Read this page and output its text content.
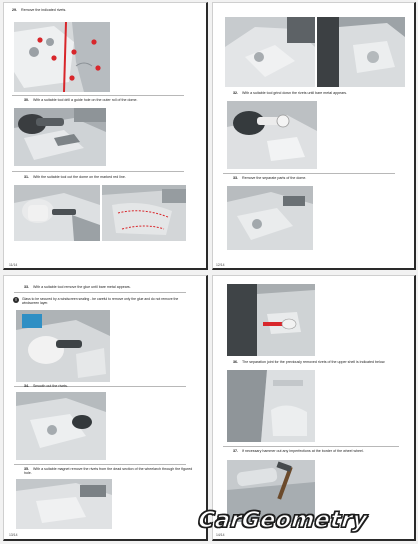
29. Remove the indicated rivets.
30. With a suitable tool drill a guide hole on the outer roll of the dome.
31. With the suitable tool cut the dome on the marked red line.
11/14
32. With a suitable tool grind down the rivets until bare metal appears.
33. Remove the separate parts of the dome.
12/14
33. With a suitable tool remove the glue until bare metal appears.
!	Glass to be secured by a windscreen sealing - be careful to remove only the glue and do not remove the windscreen layer.
34. Smooth out the rivets.
35. With a suitable magnet remove the rivets from the dead section of the wheelarch through the figured hole.
13/14
36. The separation joint for the previously removed rivets of the upper shell is indicated below.
37. If necessary hammer out any imperfections at the border of the wheel wheel.
14/14
CarGeometry
